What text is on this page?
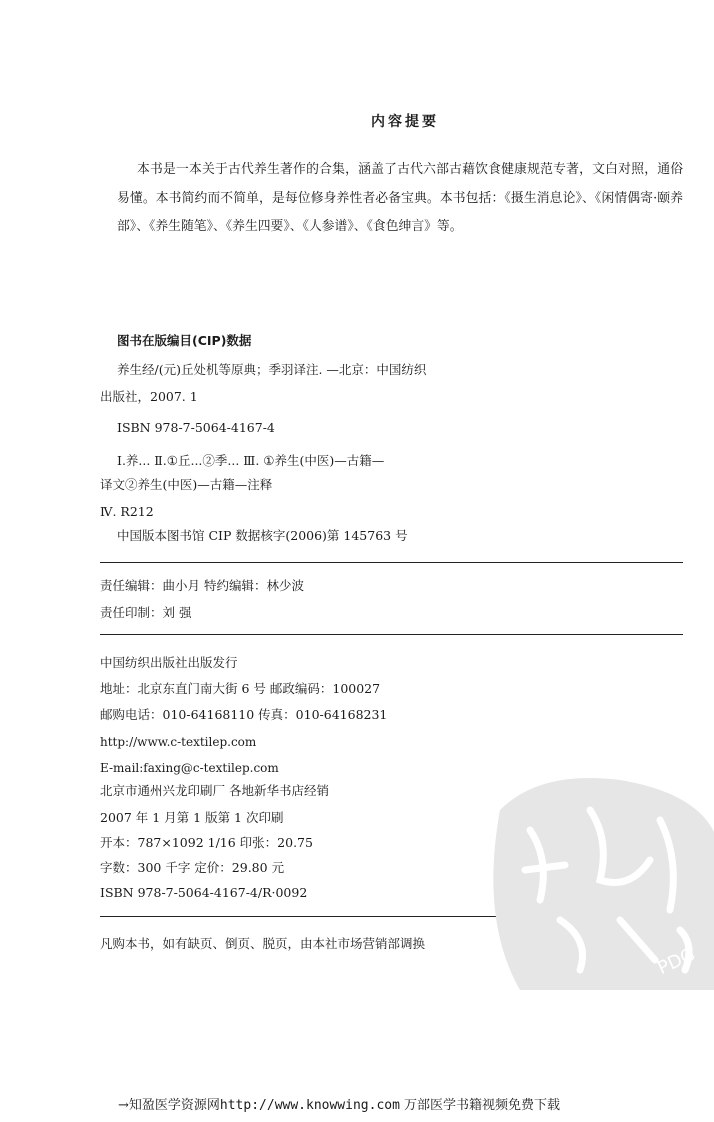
内容提要
本书是一本关于古代养生著作的合集，涵盖了古代六部古藉饮食健康规范专著，文白对照，通俗易懂。本书简约而不简单，是每位修身养性者必备宝典。本书包括：《摄生消息论》、《闲情偶寄·颐养部》、《养生随笔》、《养生四要》、《人参谱》、《食色绅言》等。
图书在版编目(CIP)数据
养生经/(元)丘处机等原典；季羽译注. —北京：中国纺织
出版社，2007. 1
ISBN 978-7-5064-4167-4
Ⅰ.养... Ⅱ.①丘...②季... Ⅲ. ①养生(中医)—古籍—
译文②养生(中医)—古籍—注释
Ⅳ. R212
中国版本图书馆 CIP 数据核字(2006)第 145763 号
责任编辑：曲小月 特约编辑：林少波
责任印制：刘 强
中国纺织出版社出版发行
地址：北京东直门南大街 6 号 邮政编码：100027
邮购电话：010-64168110 传真：010-64168231
http://www.c-textilep.com
E-mail:faxing@c-textilep.com
北京市通州兴龙印刷厂 各地新华书店经销
2007 年 1 月第 1 版第 1 次印刷
开本：787×1092 1/16 印张：20.75
字数：300 千字 定价：29.80 元
ISBN 978-7-5064-4167-4/R·0092
凡购本书，如有缺页、倒页、脱页，由本社市场营销部调换
PDG
→知盈医学资源网http://www.knowwing.com 万部医学书籍视频免费下载
